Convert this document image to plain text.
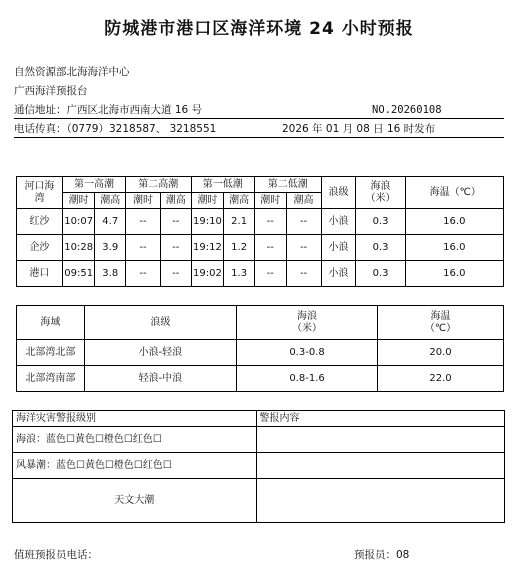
防城港市港口区海洋环境 24 小时预报
自然资源部北海海洋中心
广西海洋预报台
通信地址：广西区北海市西南大道 16 号	NO.20260108
电话传真：（0779）3218587、 3218551	2026 年 01 月 08 日 16 时发布
河口海湾	第一高潮		第二高潮		第一低潮		第二低潮		浪级	海浪（米）	海温（℃）
	潮时	潮高	潮时	潮高	潮时	潮高	潮时	潮高			
红沙	10:07	4.7	--	--	19:10	2.1	--	--	小浪	0.3	16.0
企沙	10:28	3.9	--	--	19:12	1.2	--	--	小浪	0.3	16.0
港口	09:51	3.8	--	--	19:02	1.3	--	--	小浪	0.3	16.0
海域	浪级	海浪（米）	海温（℃）
北部湾北部	小浪-轻浪	0.3-0.8	20.0
北部湾南部	轻浪-中浪	0.8-1.6	22.0
海洋灾害警报级别	警报内容
海浪：蓝色☐黄色☐橙色☐红色☐	
风暴潮：蓝色☐黄色☐橙色☐红色☐	
天文大潮	
值班预报员电话：	预报员：08
